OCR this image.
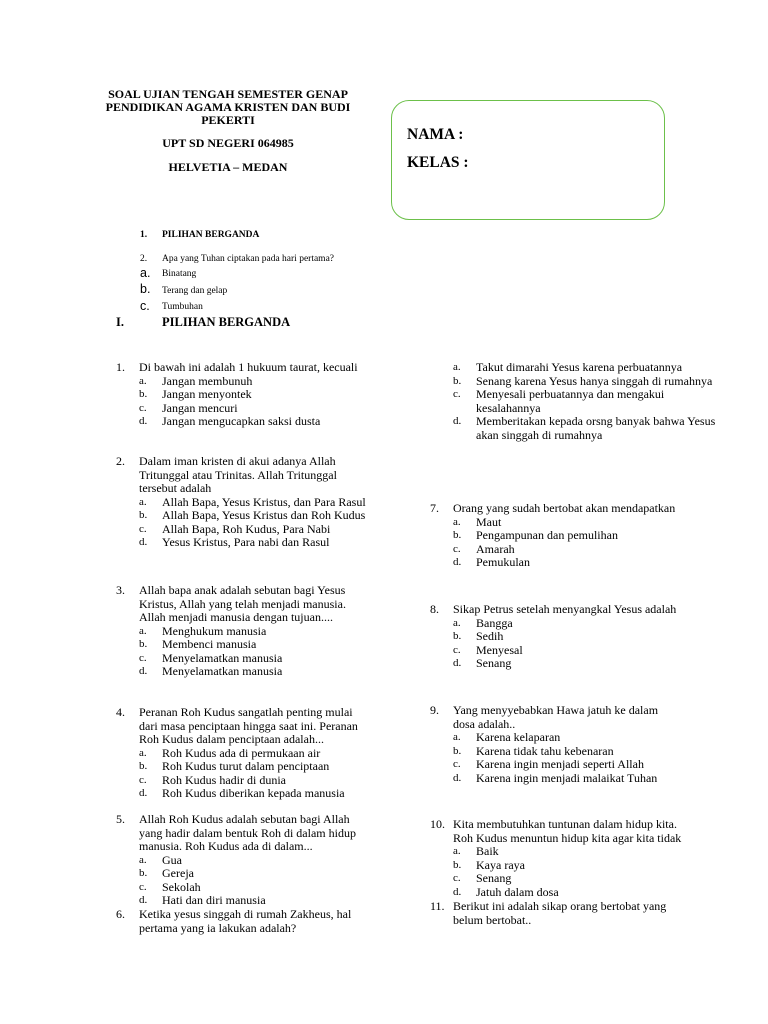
SOAL UJIAN TENGAH SEMESTER GENAP
PENDIDIKAN AGAMA KRISTEN DAN BUDI
PEKERTI
UPT SD NEGERI 064985
HELVETIA – MEDAN
NAMA :
KELAS :
1. PILIHAN BERGANDA
2. Apa yang Tuhan ciptakan pada hari pertama?
a. Binatang
b. Terang dan gelap
c. Tumbuhan
I.	PILIHAN BERGANDA
1. Di bawah ini adalah 1 hukuum taurat, kecuali
a. Jangan membunuh
b. Jangan menyontek
c. Jangan mencuri
d. Jangan mengucapkan saksi dusta
2. Dalam iman kristen di akui adanya Allah
Tritunggal atau Trinitas. Allah Tritunggal
tersebut adalah
a. Allah Bapa, Yesus Kristus, dan Para Rasul
b. Allah Bapa, Yesus Kristus dan Roh Kudus
c. Allah Bapa, Roh Kudus, Para Nabi
d. Yesus Kristus, Para nabi dan Rasul
3. Allah bapa anak adalah sebutan bagi Yesus
Kristus, Allah yang telah menjadi manusia.
Allah menjadi manusia dengan tujuan....
a. Menghukum manusia
b. Membenci manusia
c. Menyelamatkan manusia
d. Menyelamatkan manusia
4. Peranan Roh Kudus sangatlah penting mulai
dari masa penciptaan hingga saat ini. Peranan
Roh Kudus dalam penciptaan adalah...
a. Roh Kudus ada di permukaan air
b. Roh Kudus turut dalam penciptaan
c. Roh Kudus hadir di dunia
d. Roh Kudus diberikan kepada manusia
5. Allah Roh Kudus adalah sebutan bagi Allah
yang hadir dalam bentuk Roh di dalam hidup
manusia. Roh Kudus ada di dalam...
a. Gua
b. Gereja
c. Sekolah
d. Hati dan diri manusia
6. Ketika yesus singgah di rumah Zakheus, hal
pertama yang ia lakukan adalah?
a. Takut dimarahi Yesus karena perbuatannya
b. Senang karena Yesus hanya singgah di rumahnya
c. Menyesali perbuatannya dan mengakui kesalahannya
d. Memberitakan kepada orsng banyak bahwa Yesus akan singgah di rumahnya
7. Orang yang sudah bertobat akan mendapatkan
a. Maut
b. Pengampunan dan pemulihan
c. Amarah
d. Pemukulan
8. Sikap Petrus setelah menyangkal Yesus adalah
a. Bangga
b. Sedih
c. Menyesal
d. Senang
9. Yang menyyebabkan Hawa jatuh ke dalam
dosa adalah..
a. Karena kelaparan
b. Karena tidak tahu kebenaran
c. Karena ingin menjadi seperti Allah
d. Karena ingin menjadi malaikat Tuhan
10. Kita membutuhkan tuntunan dalam hidup kita.
Roh Kudus menuntun hidup kita agar kita tidak
a. Baik
b. Kaya raya
c. Senang
d. Jatuh dalam dosa
11. Berikut ini adalah sikap orang bertobat yang
belum bertobat..
